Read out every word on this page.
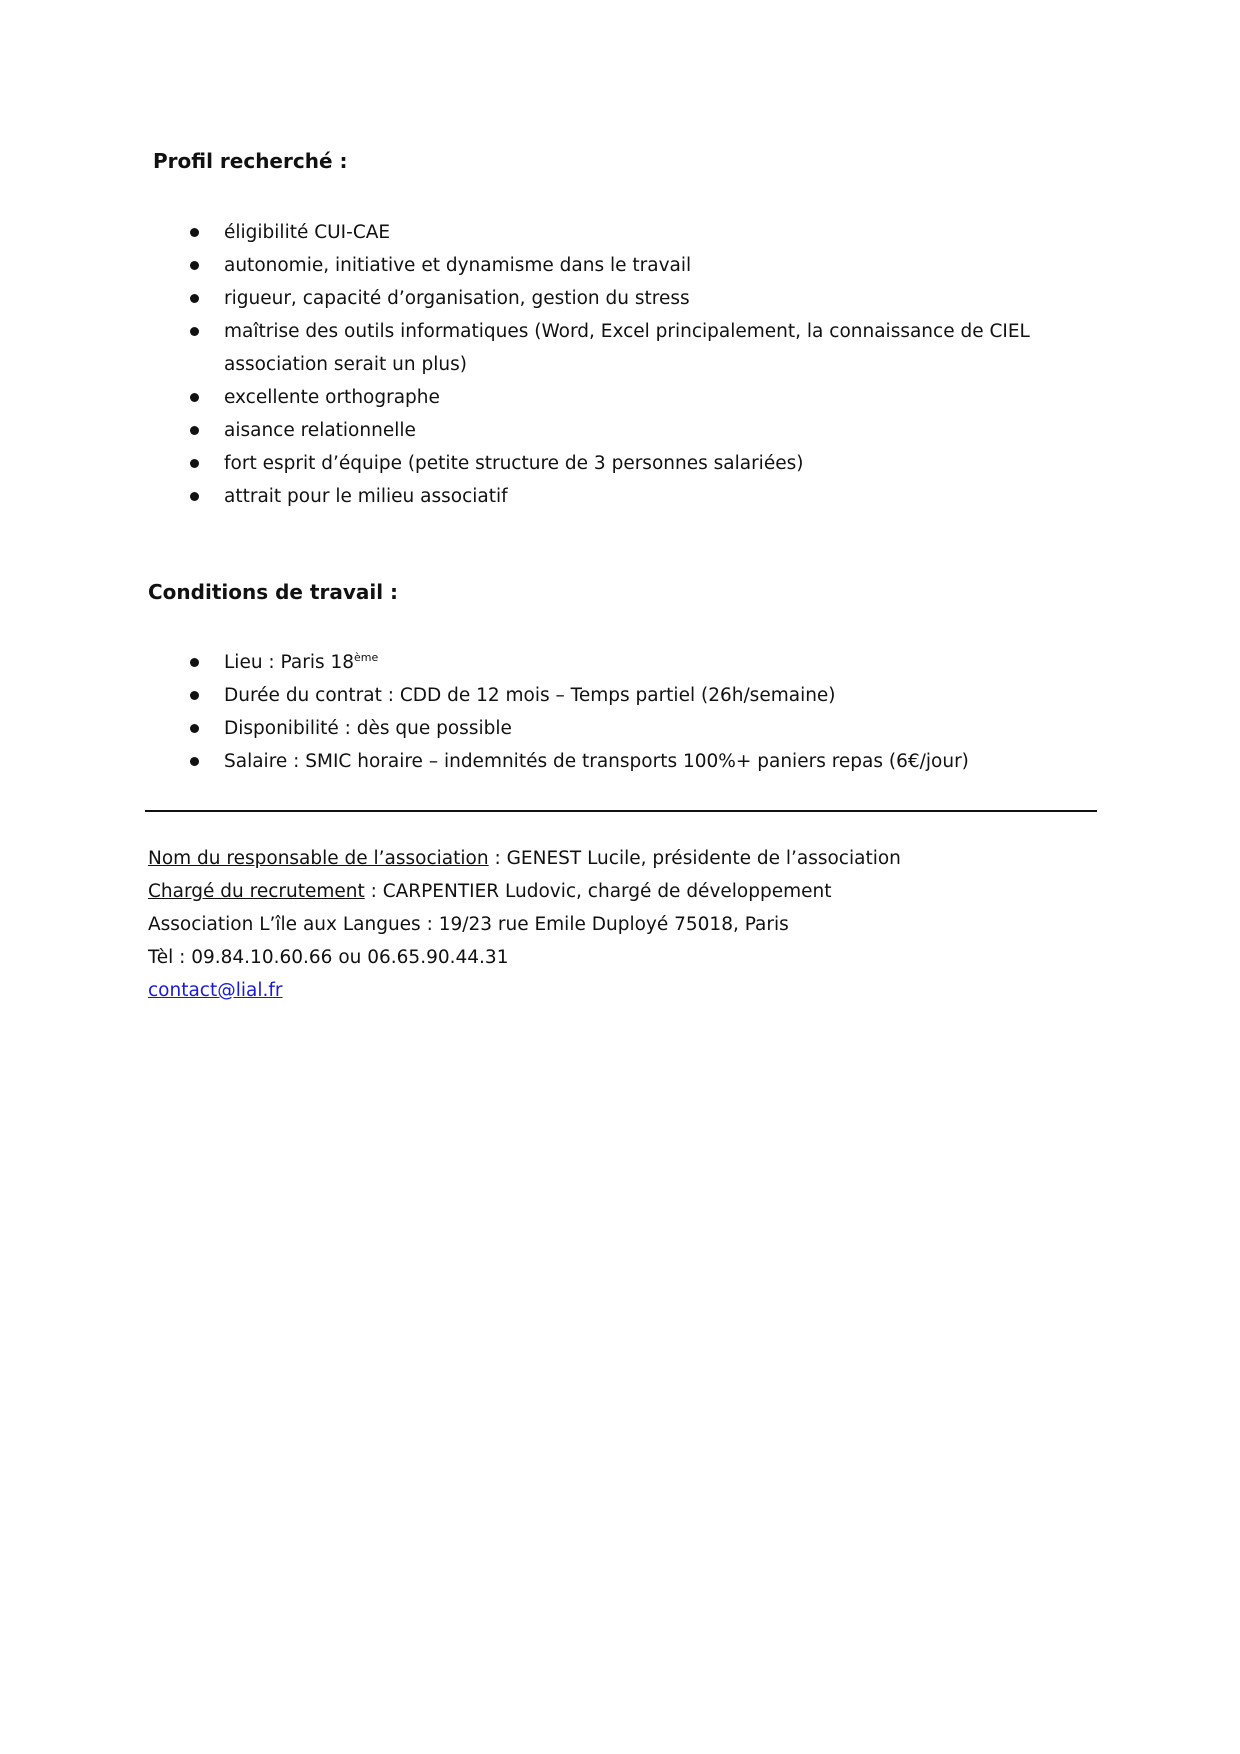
Profil recherché :
éligibilité CUI-CAE
autonomie, initiative et dynamisme dans le travail
rigueur, capacité d’organisation, gestion du stress
maîtrise des outils informatiques (Word, Excel principalement, la connaissance de CIEL association serait un plus)
excellente orthographe
aisance relationnelle
fort esprit d’équipe (petite structure de 3 personnes salariées)
attrait pour le milieu associatif
Conditions de travail :
Lieu : Paris 18ème
Durée du contrat : CDD de 12 mois – Temps partiel (26h/semaine)
Disponibilité : dès que possible
Salaire : SMIC horaire – indemnités de transports 100%+ paniers repas (6€/jour)

Nom du responsable de l’association : GENEST Lucile, présidente de l’association

Chargé du recrutement : CARPENTIER Ludovic, chargé de développement

Association L’île aux Langues : 19/23 rue Emile Duployé 75018, Paris

Tèl : 09.84.10.60.66 ou 06.65.90.44.31

contact@lial.fr
